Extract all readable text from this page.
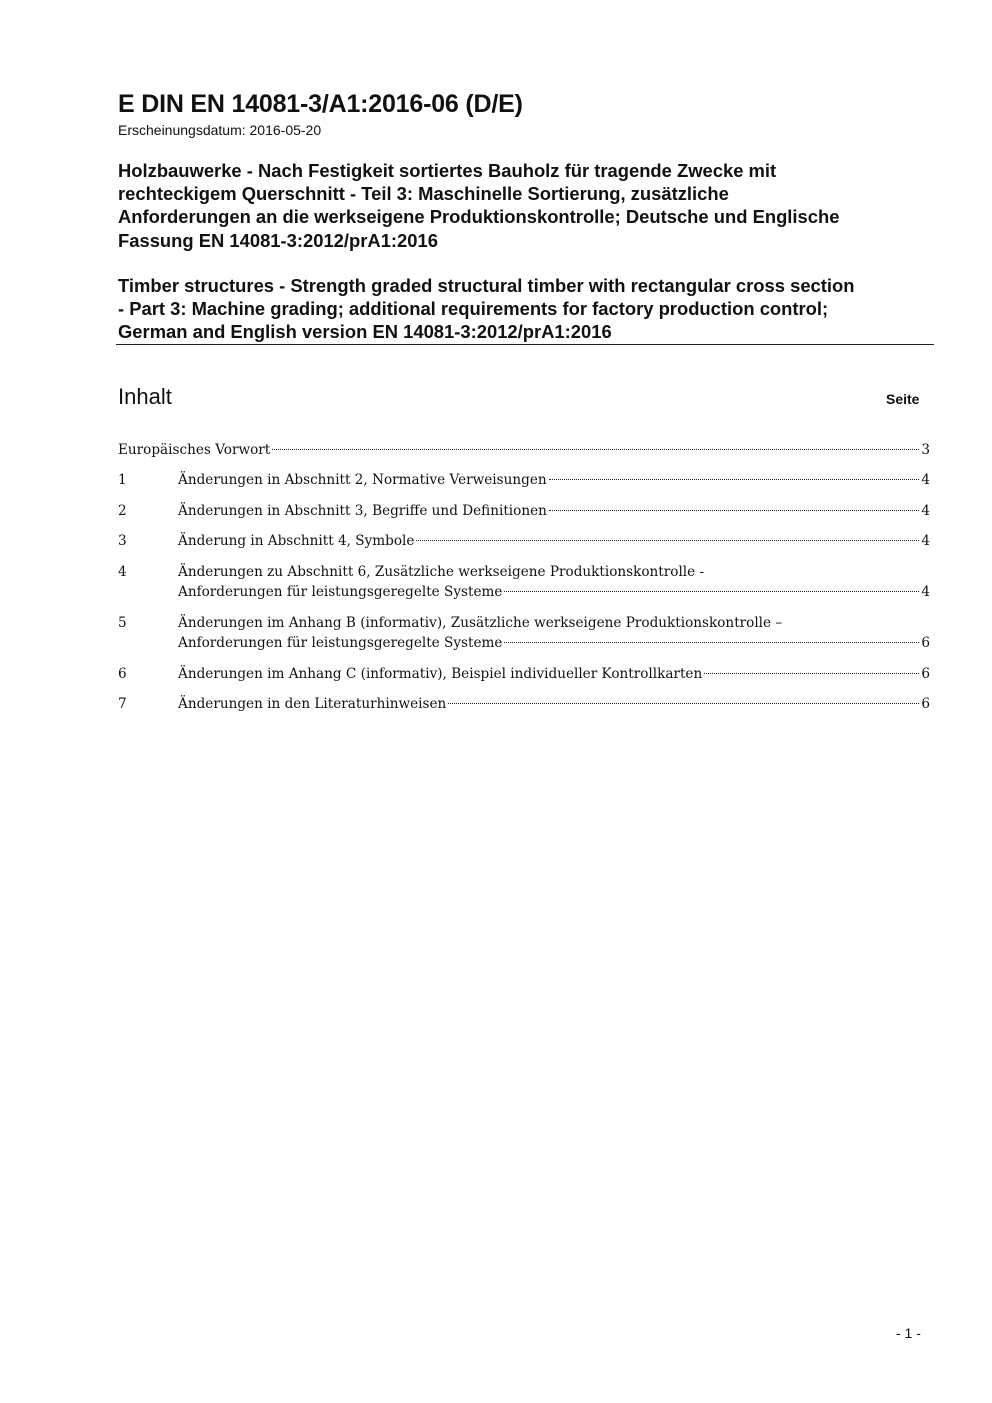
E DIN EN 14081-3/A1:2016-06 (D/E)
Erscheinungsdatum: 2016-05-20
Holzbauwerke - Nach Festigkeit sortiertes Bauholz für tragende Zwecke mit
rechteckigem Querschnitt - Teil 3: Maschinelle Sortierung, zusätzliche
Anforderungen an die werkseigene Produktionskontrolle; Deutsche und Englische
Fassung EN 14081-3:2012/prA1:2016
Timber structures - Strength graded structural timber with rectangular cross section
- Part 3: Machine grading; additional requirements for factory production control;
German and English version EN 14081-3:2012/prA1:2016
Inhalt	Seite
Europäisches Vorwort	3
1	Änderungen in Abschnitt 2, Normative Verweisungen	4
2	Änderungen in Abschnitt 3, Begriffe und Definitionen	4
3	Änderung in Abschnitt 4, Symbole	4
4	Änderungen zu Abschnitt 6, Zusätzliche werkseigene Produktionskontrolle -
Anforderungen für leistungsgeregelte Systeme	4
5	Änderungen im Anhang B (informativ), Zusätzliche werkseigene Produktionskontrolle –
Anforderungen für leistungsgeregelte Systeme	6
6	Änderungen im Anhang C (informativ), Beispiel individueller Kontrollkarten	6
7	Änderungen in den Literaturhinweisen	6
- 1 -
